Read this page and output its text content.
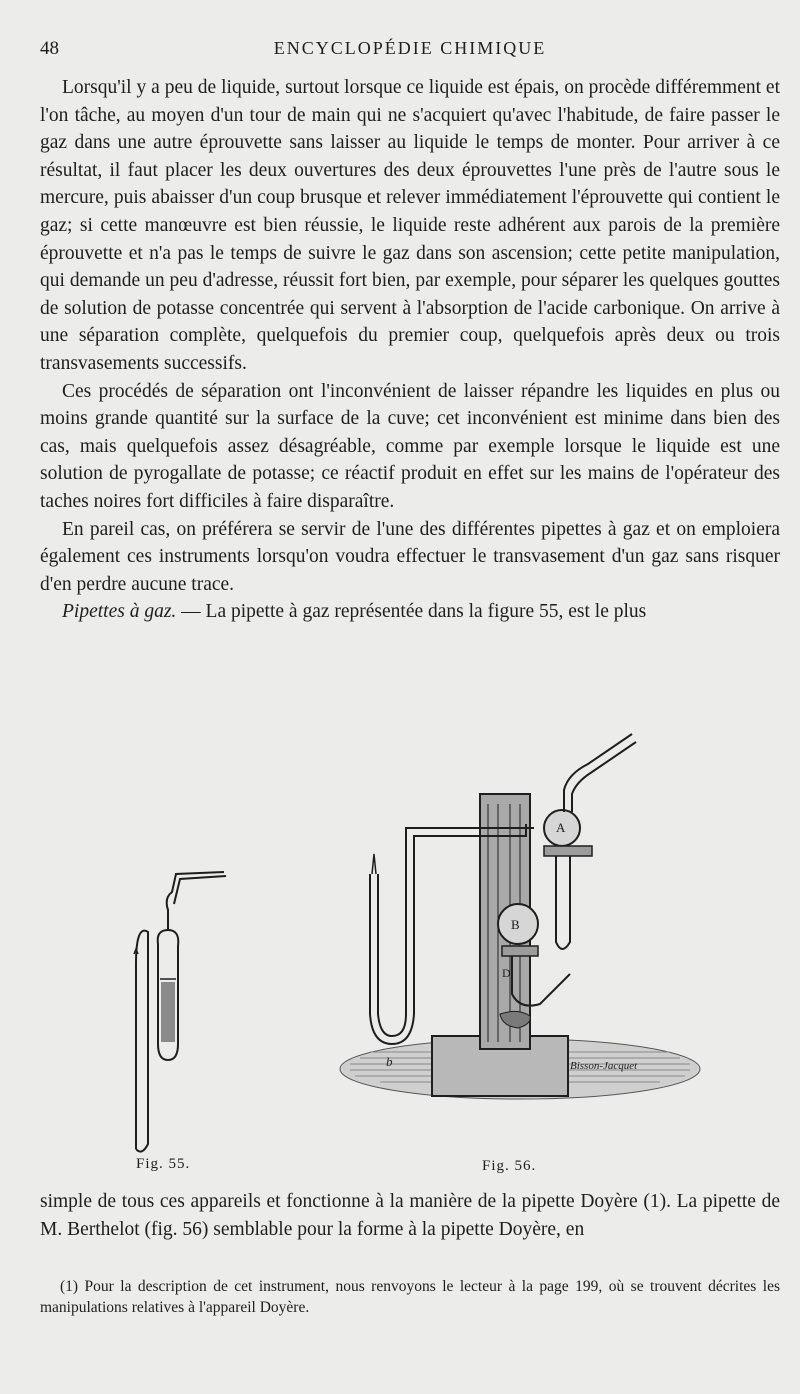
48	ENCYCLOPÉDIE CHIMIQUE

Lorsqu'il y a peu de liquide, surtout lorsque ce liquide est épais, on procède différemment et l'on tâche, au moyen d'un tour de main qui ne s'acquiert qu'avec l'habitude, de faire passer le gaz dans une autre éprouvette sans laisser au liquide le temps de monter. Pour arriver à ce résultat, il faut placer les deux ouvertures des deux éprouvettes l'une près de l'autre sous le mercure, puis abaisser d'un coup brusque et relever immédiatement l'éprouvette qui contient le gaz; si cette manœuvre est bien réussie, le liquide reste adhérent aux parois de la première éprouvette et n'a pas le temps de suivre le gaz dans son ascension; cette petite manipulation, qui demande un peu d'adresse, réussit fort bien, par exemple, pour séparer les quelques gouttes de solution de potasse concentrée qui servent à l'absorption de l'acide carbonique. On arrive à une séparation complète, quelquefois du premier coup, quelquefois après deux ou trois transvasements successifs.

Ces procédés de séparation ont l'inconvénient de laisser répandre les liquides en plus ou moins grande quantité sur la surface de la cuve; cet inconvénient est minime dans bien des cas, mais quelquefois assez désagréable, comme par exemple lorsque le liquide est une solution de pyrogallate de potasse; ce réactif produit en effet sur les mains de l'opérateur des taches noires fort difficiles à faire disparaître.

En pareil cas, on préférera se servir de l'une des différentes pipettes à gaz et on emploiera également ces instruments lorsqu'on voudra effectuer le transvasement d'un gaz sans risquer d'en perdre aucune trace.

Pipettes à gaz. — La pipette à gaz représentée dans la figure 55, est le plus

Fig. 55.	Fig. 56.
A
B
D
b	Bisson-Jacquet

simple de tous ces appareils et fonctionne à la manière de la pipette Doyère (1). La pipette de M. Berthelot (fig. 56) semblable pour la forme à la pipette Doyère, en

(1) Pour la description de cet instrument, nous renvoyons le lecteur à la page 199, où se trouvent décrites les manipulations relatives à l'appareil Doyère.
